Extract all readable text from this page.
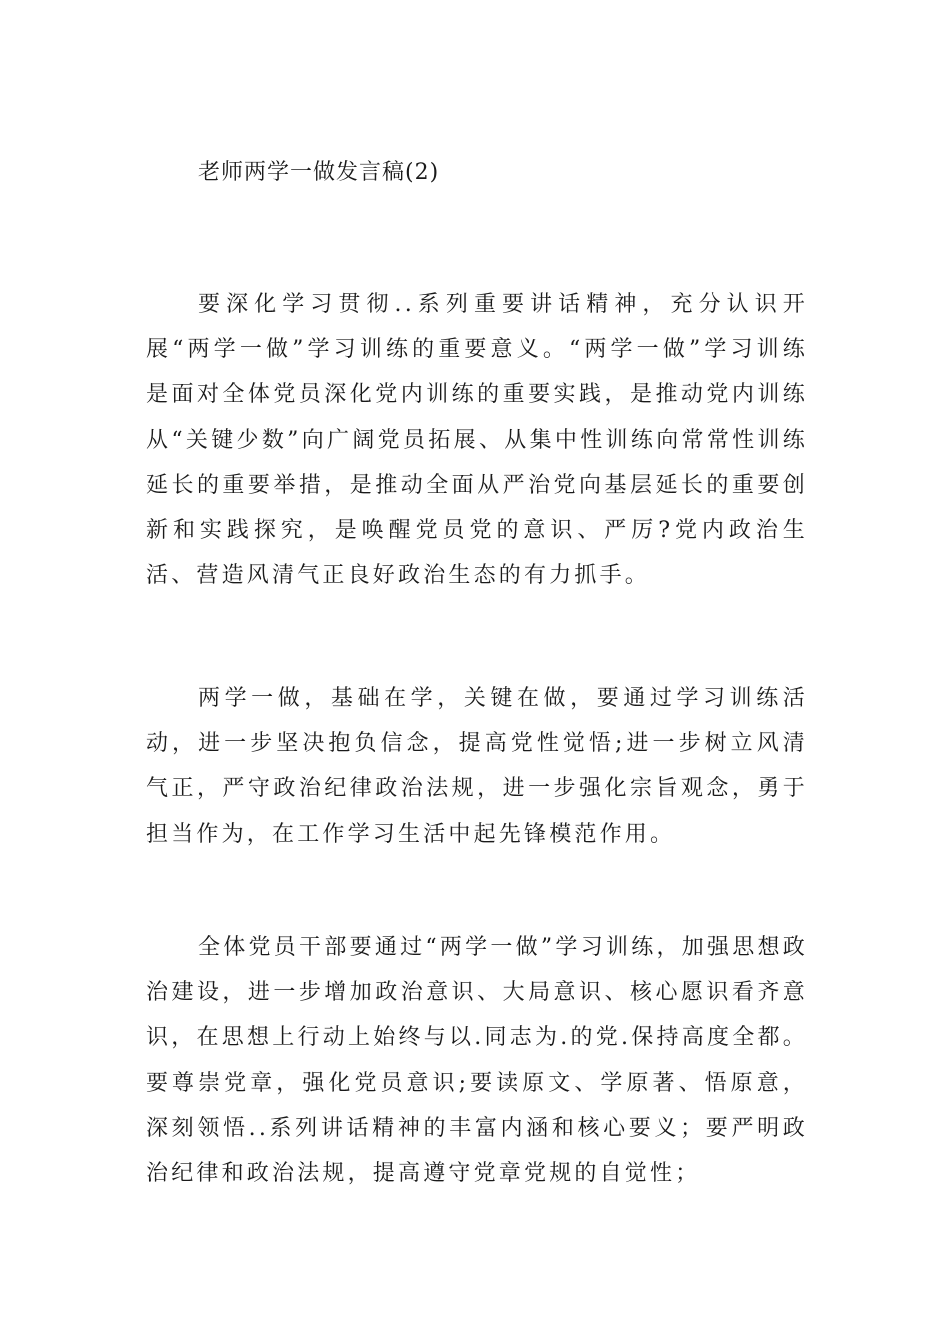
老师两学一做发言稿(2)

要深化学习贯彻..系列重要讲话精神，充分认识开展“两学一做”学习训练的重要意义。“两学一做”学习训练是面对全体党员深化党内训练的重要实践，是推动党内训练从“关键少数”向广阔党员拓展、从集中性训练向常常性训练延长的重要举措，是推动全面从严治党向基层延长的重要创新和实践探究，是唤醒党员党的意识、严厉?党内政治生活、营造风清气正良好政治生态的有力抓手。

两学一做，基础在学，关键在做，要通过学习训练活动，进一步坚决抱负信念，提高党性觉悟;进一步树立风清气正，严守政治纪律政治法规，进一步强化宗旨观念，勇于担当作为，在工作学习生活中起先锋模范作用。

全体党员干部要通过“两学一做”学习训练，加强思想政治建设，进一步增加政治意识、大局意识、核心愿识看齐意识，在思想上行动上始终与以.同志为.的党.保持高度全都。要尊崇党章，强化党员意识;要读原文、学原著、悟原意，深刻领悟..系列讲话精神的丰富内涵和核心要义；要严明政治纪律和政治法规，提高遵守党章党规的自觉性；
